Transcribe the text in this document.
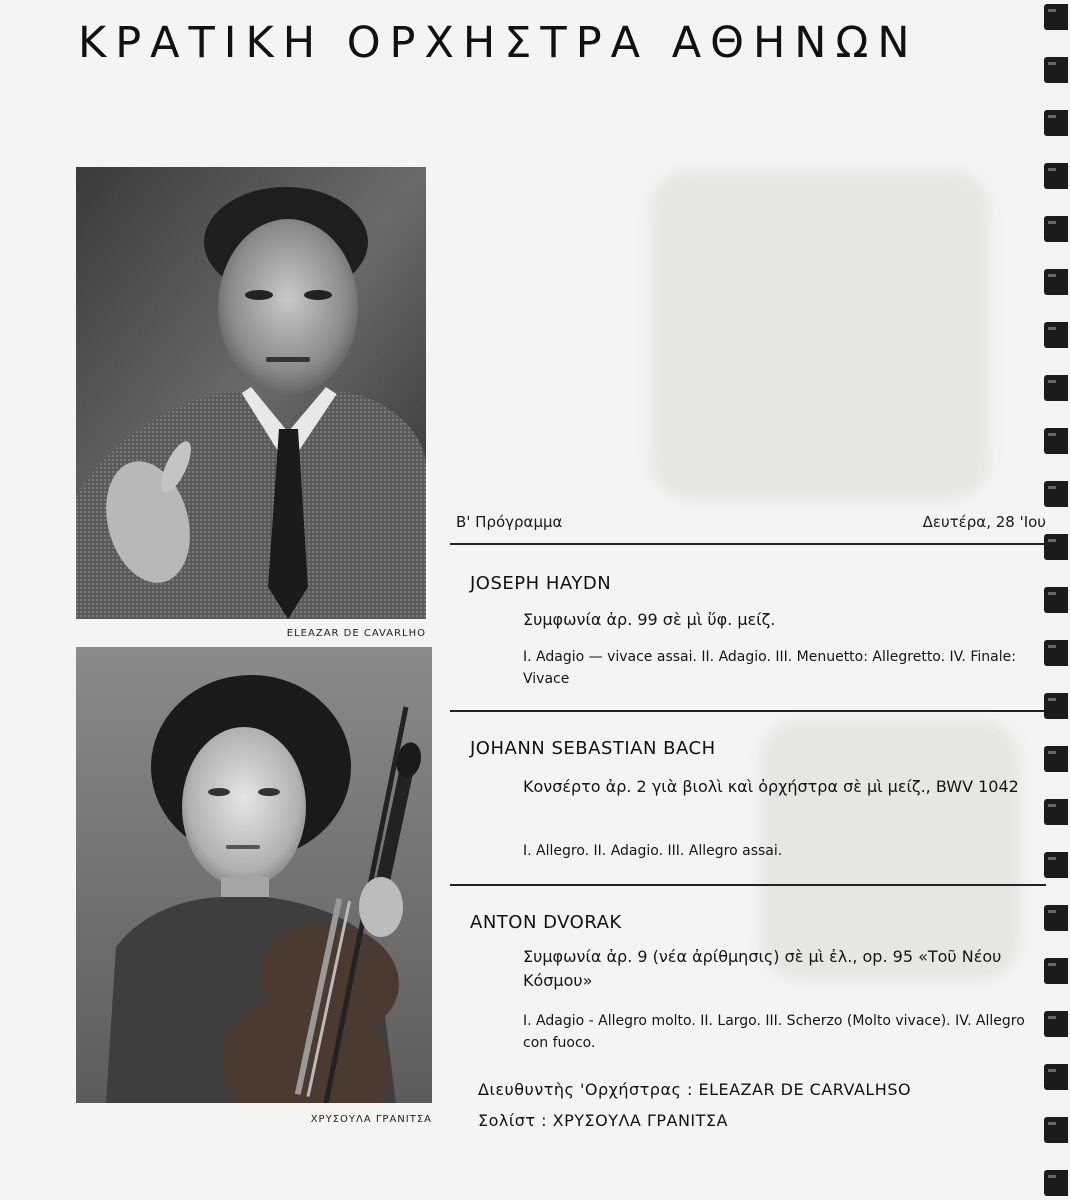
ΚΡΑΤΙΚΗ ΟΡΧΗΣΤΡΑ ΑΘΗΝΩΝ
ELEAZAR DE CAVARLHO
ΧΡΥΣΟΥΛΑ ΓΡΑΝΙΤΣΑ
Β' Πρόγραμμα	Δευτέρα, 28 'Ιου
JOSEPH HAYDN
Συμφωνία ἀρ. 99 σὲ μὶ ὕφ. μείζ.
I. Adagio — vivace assai. II. Adagio. III. Menuetto: Allegretto. IV. Finale: Vivace
JOHANN SEBASTIAN BACH
Κονσέρτο ἀρ. 2 γιὰ βιολὶ καὶ ὀρχήστρα σὲ μὶ μείζ., BWV 1042
I. Allegro. II. Adagio. III. Allegro assai.
ANTON DVORAK
Συμφωνία ἀρ. 9 (νέα ἀρίθμησις) σὲ μὶ ἐλ., op. 95 «Τοῦ Νέου Κόσμου»
I. Adagio - Allegro molto. II. Largo. III. Scherzo (Molto vivace). IV. Allegro con fuoco.
Διευθυντὴς 'Ορχήστρας : ELEAZAR DE CARVALHSO
Σολίστ : ΧΡΥΣΟΥΛΑ ΓΡΑΝΙΤΣΑ
